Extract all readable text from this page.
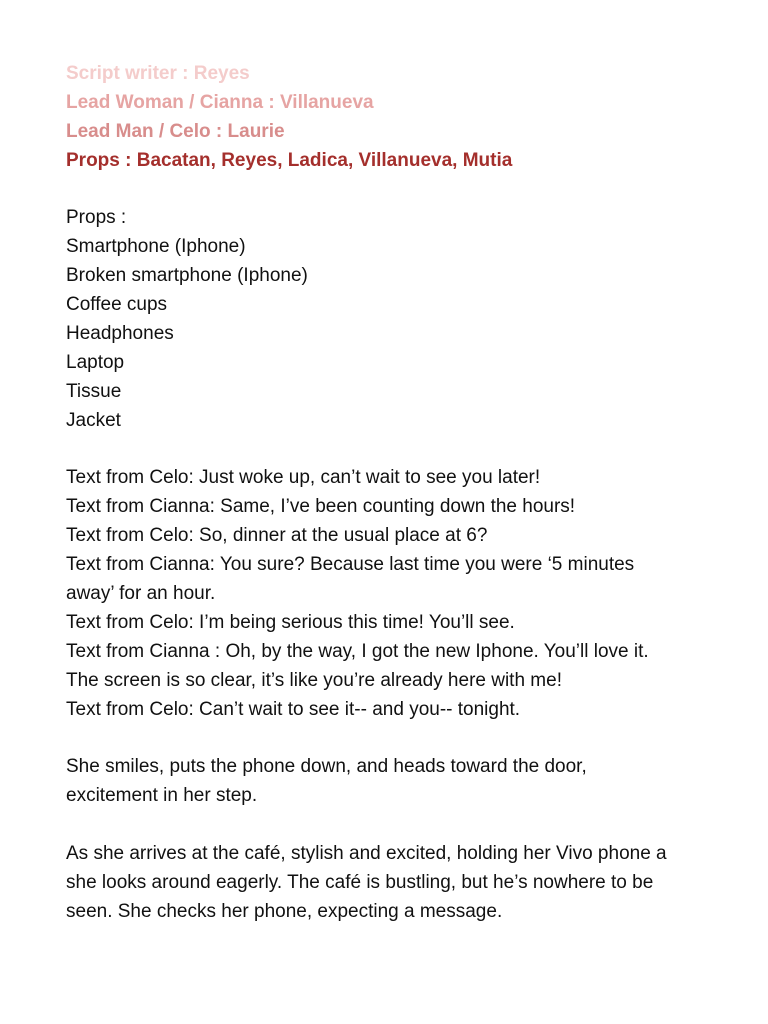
Script writer : Reyes
Lead Woman / Cianna : Villanueva
Lead Man / Celo : Laurie
Props : Bacatan, Reyes, Ladica, Villanueva, Mutia
Props :
Smartphone (Iphone)
Broken smartphone (Iphone)
Coffee cups
Headphones
Laptop
Tissue
Jacket
Text from Celo: Just woke up, can’t wait to see you later!
Text from Cianna: Same, I’ve been counting down the hours!
Text from Celo: So, dinner at the usual place at 6?
Text from Cianna: You sure? Because last time you were ‘5 minutes
away’ for an hour.
Text from Celo: I’m being serious this time! You’ll see.
Text from Cianna : Oh, by the way, I got the new Iphone. You’ll love it.
The screen is so clear, it’s like you’re already here with me!
Text from Celo: Can’t wait to see it-- and you-- tonight.
She smiles, puts the phone down, and heads toward the door,
excitement in her step.
As she arrives at the café, stylish and excited, holding her Vivo phone a
she looks around eagerly. The café is bustling, but he’s nowhere to be
seen. She checks her phone, expecting a message.
